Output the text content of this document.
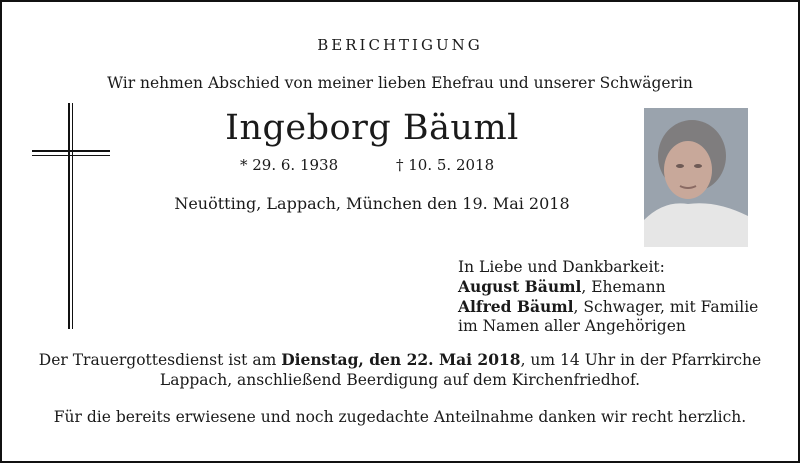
BERICHTIGUNG
Wir nehmen Abschied von meiner lieben Ehefrau und unserer Schwägerin
Ingeborg Bäuml
* 29. 6. 1938	† 10. 5. 2018
Neuötting, Lappach, München den 19. Mai 2018
In Liebe und Dankbarkeit:
August Bäuml, Ehemann
Alfred Bäuml, Schwager, mit Familie
im Namen aller Angehörigen
Der Trauergottesdienst ist am Dienstag, den 22. Mai 2018, um 14 Uhr in der Pfarrkirche
Lappach, anschließend Beerdigung auf dem Kirchenfriedhof.
Für die bereits erwiesene und noch zugedachte Anteilnahme danken wir recht herzlich.
